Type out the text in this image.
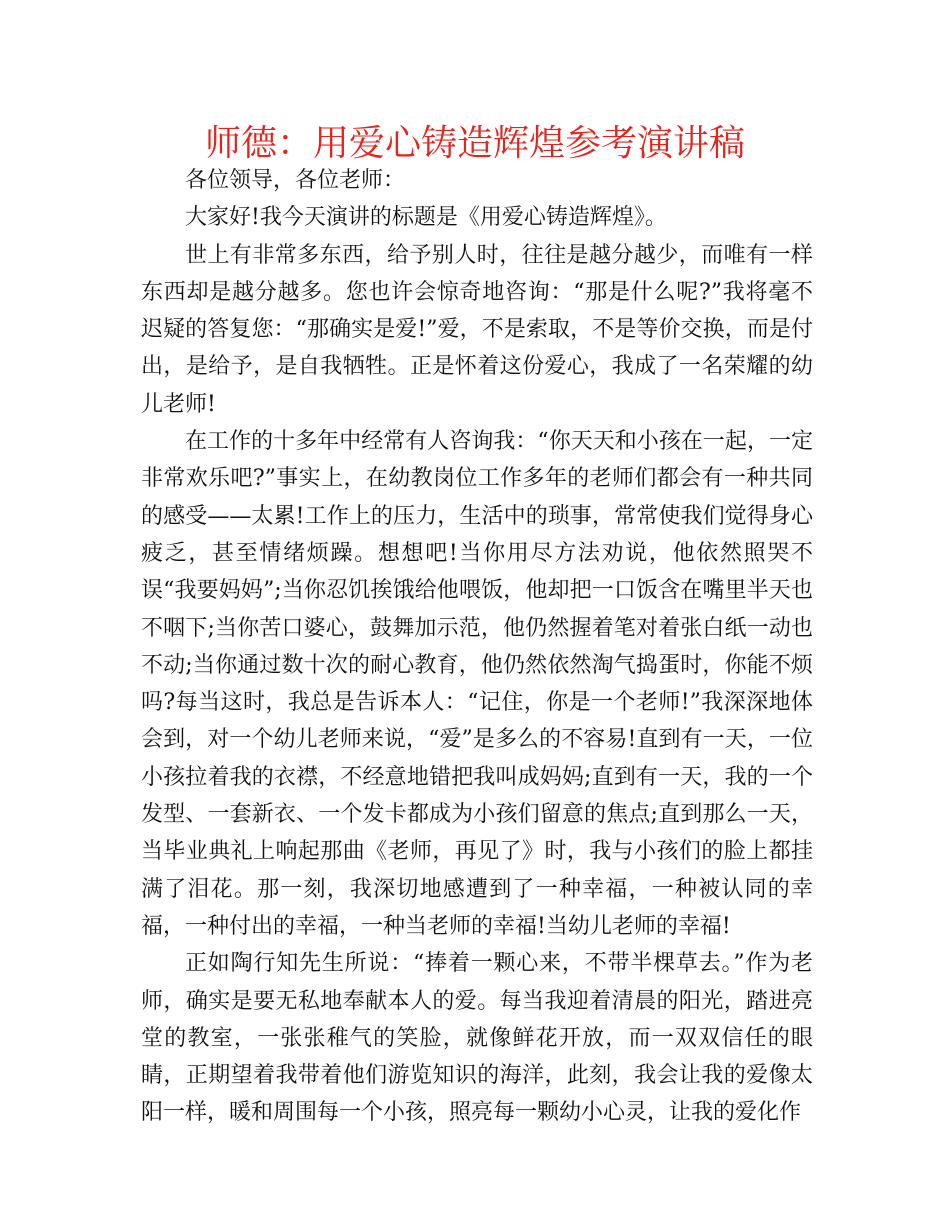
师德：用爱心铸造辉煌参考演讲稿

各位领导，各位老师：

大家好!我今天演讲的标题是《用爱心铸造辉煌》。

世上有非常多东西，给予别人时，往往是越分越少，而唯有一样东西却是越分越多。您也许会惊奇地咨询：“那是什么呢?”我将毫不迟疑的答复您：“那确实是爱!”爱，不是索取，不是等价交换，而是付出，是给予，是自我牺牲。正是怀着这份爱心，我成了一名荣耀的幼儿老师!

在工作的十多年中经常有人咨询我：“你天天和小孩在一起，一定非常欢乐吧?”事实上，在幼教岗位工作多年的老师们都会有一种共同的感受——太累!工作上的压力，生活中的琐事，常常使我们觉得身心疲乏，甚至情绪烦躁。想想吧!当你用尽方法劝说，他依然照哭不误“我要妈妈”;当你忍饥挨饿给他喂饭，他却把一口饭含在嘴里半天也不咽下;当你苦口婆心，鼓舞加示范，他仍然握着笔对着张白纸一动也不动;当你通过数十次的耐心教育，他仍然依然淘气捣蛋时，你能不烦吗?每当这时，我总是告诉本人：“记住，你是一个老师!”我深深地体会到，对一个幼儿老师来说，“爱”是多么的不容易!直到有一天，一位小孩拉着我的衣襟，不经意地错把我叫成妈妈;直到有一天，我的一个发型、一套新衣、一个发卡都成为小孩们留意的焦点;直到那么一天，当毕业典礼上响起那曲《老师，再见了》时，我与小孩们的脸上都挂满了泪花。那一刻，我深切地感遭到了一种幸福，一种被认同的幸福，一种付出的幸福，一种当老师的幸福!当幼儿老师的幸福!

正如陶行知先生所说：“捧着一颗心来，不带半棵草去。”作为老师，确实是要无私地奉献本人的爱。每当我迎着清晨的阳光，踏进亮堂的教室，一张张稚气的笑脸，就像鲜花开放，而一双双信任的眼睛，正期望着我带着他们游览知识的海洋，此刻，我会让我的爱像太阳一样，暖和周围每一个小孩，照亮每一颗幼小心灵，让我的爱化作
